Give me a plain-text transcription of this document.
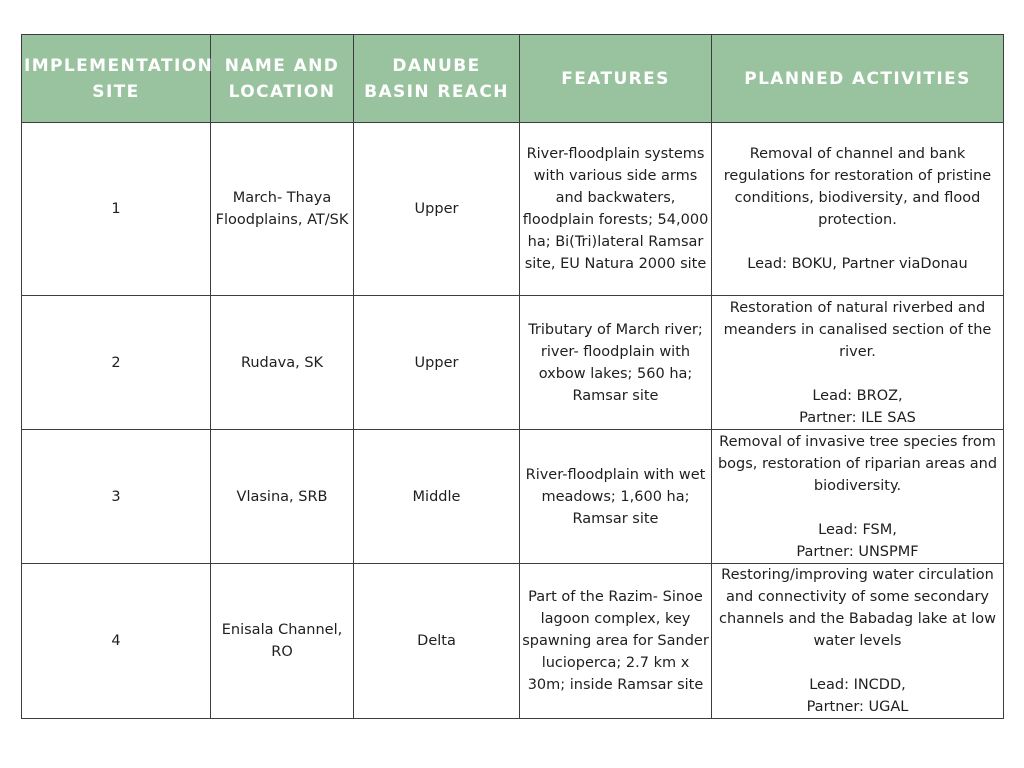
IMPLEMENTATION SITE	NAME AND LOCATION	DANUBE BASIN REACH	FEATURES	PLANNED ACTIVITIES
1	March- Thaya Floodplains, AT/SK	Upper	River-floodplain systems with various side arms and backwaters, floodplain forests; 54,000 ha; Bi(Tri)lateral Ramsar site, EU Natura 2000 site	Removal of channel and bank regulations for restoration of pristine conditions, biodiversity, and flood protection.
Lead: BOKU, Partner viaDonau

2	Rudava, SK	Upper	Tributary of March river; river- floodplain with oxbow lakes; 560 ha; Ramsar site	Restoration of natural riverbed and meanders in canalised section of the river.
Lead: BROZ,
Partner: ILE SAS

3	Vlasina, SRB	Middle	River-floodplain with wet meadows; 1,600 ha; Ramsar site	Removal of invasive tree species from bogs, restoration of riparian areas and biodiversity.
Lead: FSM,
Partner: UNSPMF

4	Enisala Channel, RO	Delta	Part of the Razim- Sinoe lagoon complex, key spawning area for Sander lucioperca; 2.7 km x 30m; inside Ramsar site	Restoring/improving water circulation and connectivity of some secondary channels and the Babadag lake at low water levels
Lead: INCDD,
Partner: UGAL
